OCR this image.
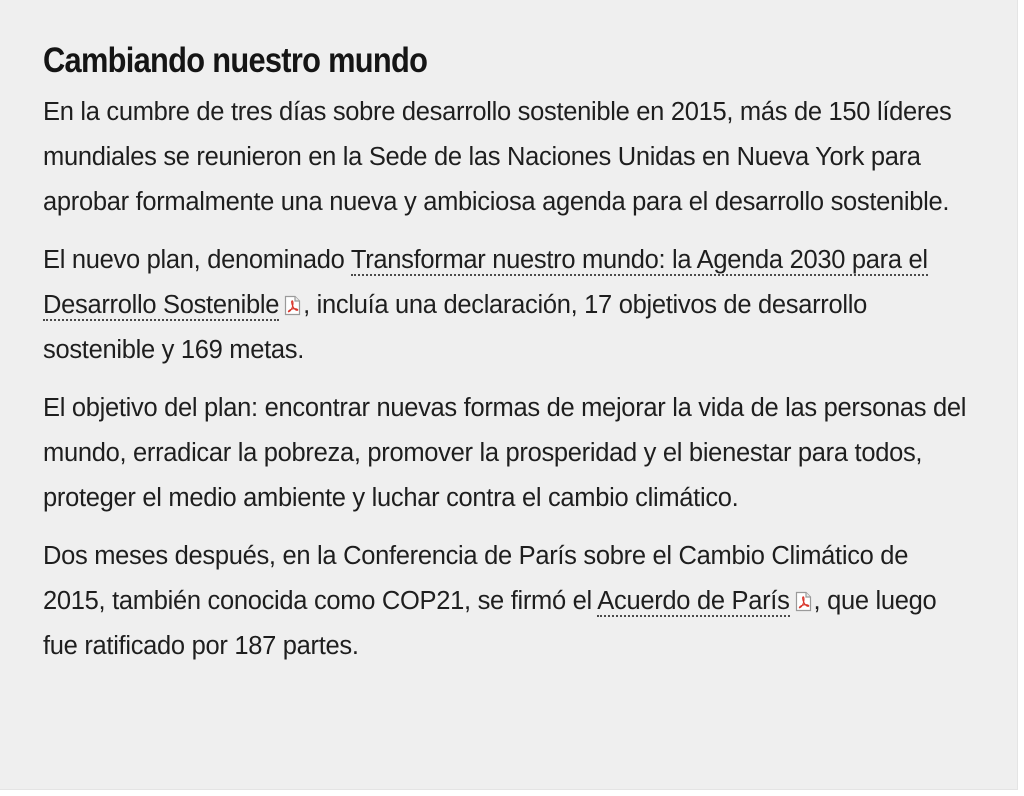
Cambiando nuestro mundo

En la cumbre de tres días sobre desarrollo sostenible en 2015, más de 150 líderes mundiales se reunieron en la Sede de las Naciones Unidas en Nueva York para aprobar formalmente una nueva y ambiciosa agenda para el desarrollo sostenible.

El nuevo plan, denominado Transformar nuestro mundo: la Agenda 2030 para el Desarrollo Sostenible , incluía una declaración, 17 objetivos de desarrollo sostenible y 169 metas.

El objetivo del plan: encontrar nuevas formas de mejorar la vida de las personas del mundo, erradicar la pobreza, promover la prosperidad y el bienestar para todos, proteger el medio ambiente y luchar contra el cambio climático.

Dos meses después, en la Conferencia de París sobre el Cambio Climático de 2015, también conocida como COP21, se firmó el Acuerdo de París , que luego fue ratificado por 187 partes.
